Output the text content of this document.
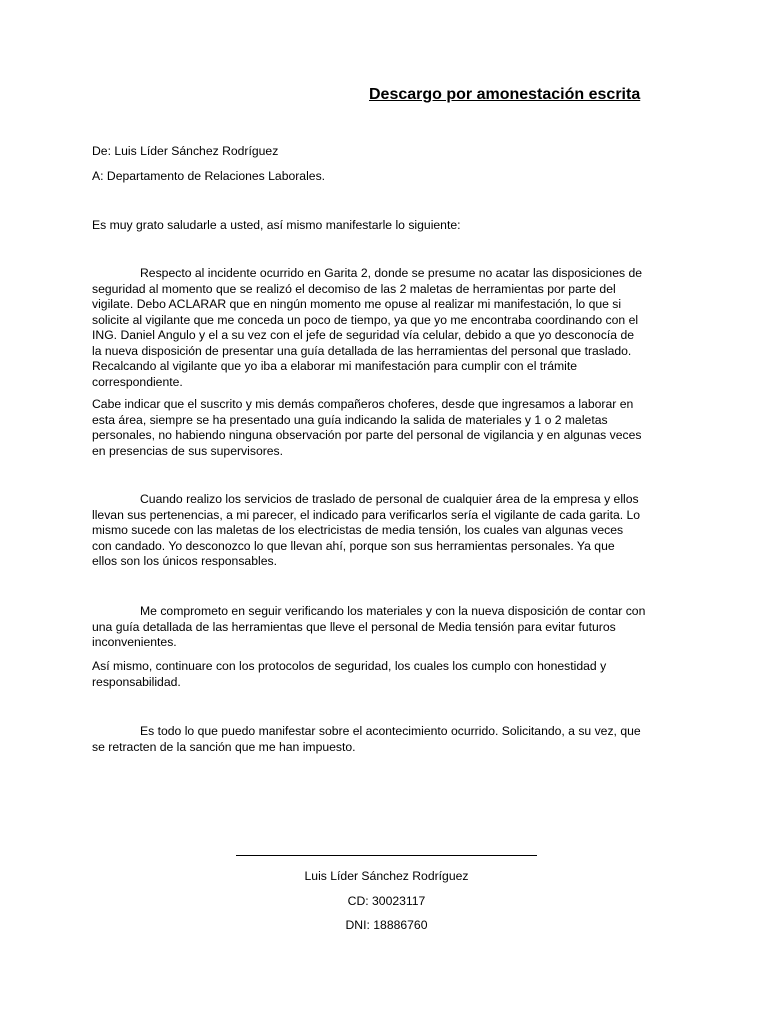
Descargo por amonestación escrita

De: Luis Líder Sánchez Rodríguez

A: Departamento de Relaciones Laborales.

Es muy grato saludarle a usted, así mismo manifestarle lo siguiente:

Respecto al incidente ocurrido en Garita 2, donde se presume no acatar las disposiciones de
seguridad al momento que se realizó el decomiso de las 2 maletas de herramientas por parte del
vigilate. Debo ACLARAR que en ningún momento me opuse al realizar mi manifestación, lo que si
solicite al vigilante que me conceda un poco de tiempo, ya que yo me encontraba coordinando con el
ING. Daniel Angulo y el a su vez con el jefe de seguridad vía celular, debido a que yo desconocía de
la nueva disposición de presentar una guía detallada de las herramientas del personal que traslado.
Recalcando al vigilante que yo iba a elaborar mi manifestación para cumplir con el trámite
correspondiente.
Cabe indicar que el suscrito y mis demás compañeros choferes, desde que ingresamos a laborar en
esta área, siempre se ha presentado una guía indicando la salida de materiales y 1 o 2 maletas
personales, no habiendo ninguna observación por parte del personal de vigilancia y en algunas veces
en presencias de sus supervisores.
Cuando realizo los servicios de traslado de personal de cualquier área de la empresa y ellos
llevan sus pertenencias, a mi parecer, el indicado para verificarlos sería el vigilante de cada garita. Lo
mismo sucede con las maletas de los electricistas de media tensión, los cuales van algunas veces
con candado. Yo desconozco lo que llevan ahí, porque son sus herramientas personales. Ya que
ellos son los únicos responsables.
Me comprometo en seguir verificando los materiales y con la nueva disposición de contar con
una guía detallada de las herramientas que lleve el personal de Media tensión para evitar futuros
inconvenientes.
Así mismo, continuare con los protocolos de seguridad, los cuales los cumplo con honestidad y
responsabilidad.
Es todo lo que puedo manifestar sobre el acontecimiento ocurrido. Solicitando, a su vez, que
se retracten de la sanción que me han impuesto.

Luis Líder Sánchez Rodríguez

CD: 30023117

DNI: 18886760
